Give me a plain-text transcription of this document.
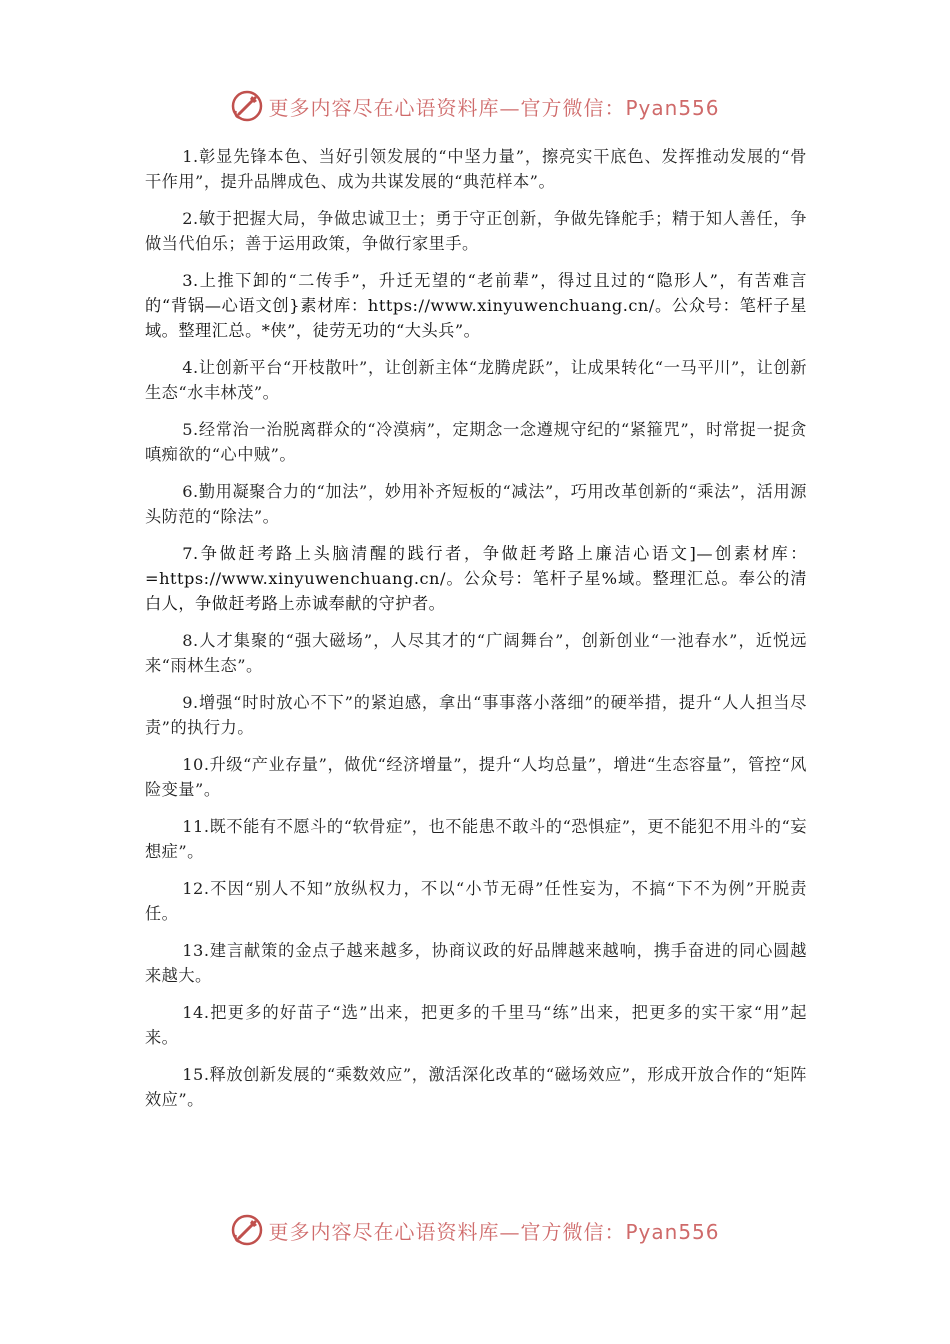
更多内容尽在心语资料库—官方微信：Pyan556

1.彰显先锋本色、当好引领发展的“中坚力量”，擦亮实干底色、发挥推动发展的“骨干作用”，提升品牌成色、成为共谋发展的“典范样本”。

2.敏于把握大局，争做忠诚卫士；勇于守正创新，争做先锋舵手；精于知人善任，争做当代伯乐；善于运用政策，争做行家里手。

3.上推下卸的“二传手”，升迁无望的“老前辈”，得过且过的“隐形人”，有苦难言的“背锅—心语文创}素材库：https://www.xinyuwenchuang.cn/。公众号：笔杆子星域。整理汇总。*侠”，徒劳无功的“大头兵”。

4.让创新平台“开枝散叶”，让创新主体“龙腾虎跃”，让成果转化“一马平川”，让创新生态“水丰林茂”。

5.经常治一治脱离群众的“冷漠病”，定期念一念遵规守纪的“紧箍咒”，时常捉一捉贪嗔痴欲的“心中贼”。

6.勤用凝聚合力的“加法”，妙用补齐短板的“减法”，巧用改革创新的“乘法”，活用源头防范的“除法”。

7.争做赶考路上头脑清醒的践行者，争做赶考路上廉洁心语文]—创素材库：=https://www.xinyuwenchuang.cn/。公众号：笔杆子星%域。整理汇总。奉公的清白人，争做赶考路上赤诚奉献的守护者。

8.人才集聚的“强大磁场”，人尽其才的“广阔舞台”，创新创业“一池春水”，近悦远来“雨林生态”。

9.增强“时时放心不下”的紧迫感，拿出“事事落小落细”的硬举措，提升“人人担当尽责”的执行力。

10.升级“产业存量”，做优“经济增量”，提升“人均总量”，增进“生态容量”，管控“风险变量”。

11.既不能有不愿斗的“软骨症”，也不能患不敢斗的“恐惧症”，更不能犯不用斗的“妄想症”。

12.不因“别人不知”放纵权力，不以“小节无碍”任性妄为，不搞“下不为例”开脱责任。

13.建言献策的金点子越来越多，协商议政的好品牌越来越响，携手奋进的同心圆越来越大。

14.把更多的好苗子“选”出来，把更多的千里马“练”出来，把更多的实干家“用”起来。

15.释放创新发展的“乘数效应”，激活深化改革的“磁场效应”，形成开放合作的“矩阵效应”。

更多内容尽在心语资料库—官方微信：Pyan556
